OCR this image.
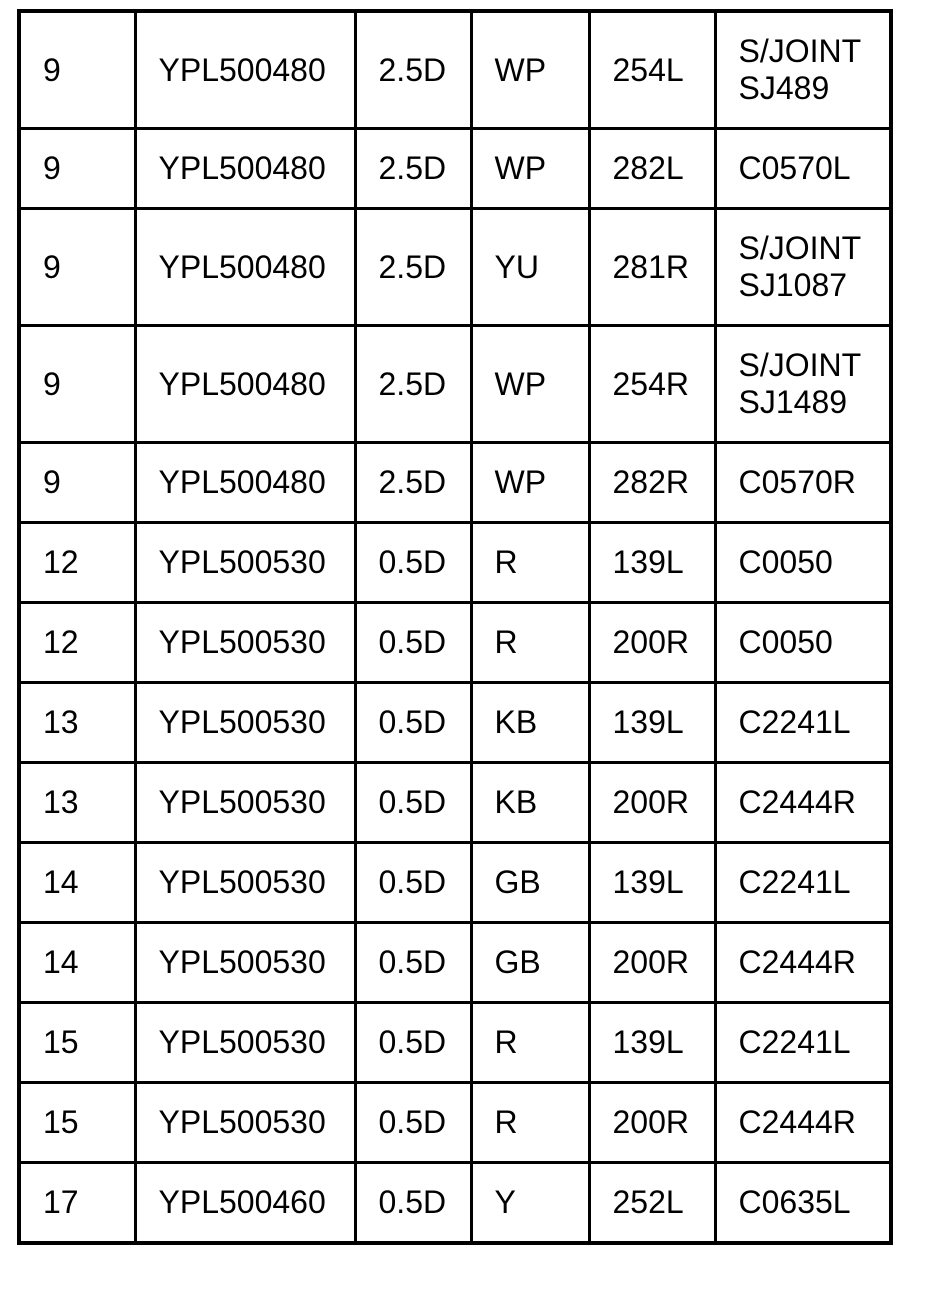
9	YPL500480	2.5D	WP	254L	S/JOINT
SJ489

9	YPL500480	2.5D	WP	282L	C0570L

9	YPL500480	2.5D	YU	281R	S/JOINT
SJ1087

9	YPL500480	2.5D	WP	254R	S/JOINT
SJ1489

9	YPL500480	2.5D	WP	282R	C0570R

12	YPL500530	0.5D	R	139L	C0050

12	YPL500530	0.5D	R	200R	C0050

13	YPL500530	0.5D	KB	139L	C2241L

13	YPL500530	0.5D	KB	200R	C2444R

14	YPL500530	0.5D	GB	139L	C2241L

14	YPL500530	0.5D	GB	200R	C2444R

15	YPL500530	0.5D	R	139L	C2241L

15	YPL500530	0.5D	R	200R	C2444R

17	YPL500460	0.5D	Y	252L	C0635L
